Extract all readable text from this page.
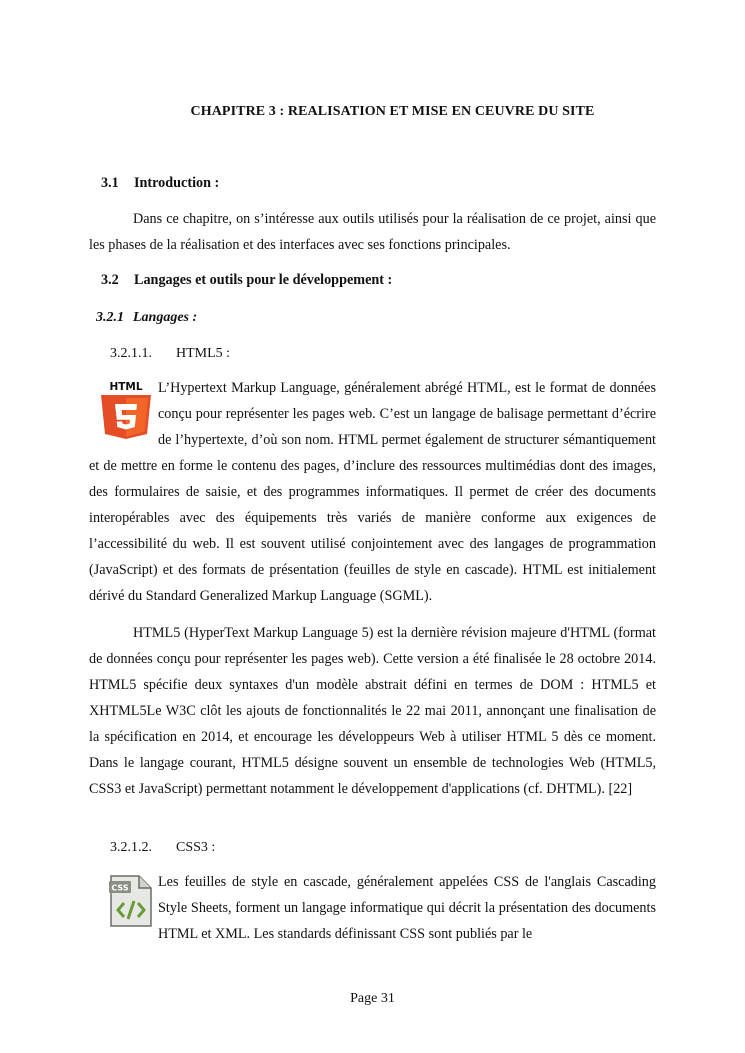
CHAPITRE 3 : REALISATION ET MISE EN CEUVRE DU SITE
3.1 Introduction :

Dans ce chapitre, on s’intéresse aux outils utilisés pour la réalisation de ce projet, ainsi que les phases de la réalisation et des interfaces avec ses fonctions principales.

3.2 Langages et outils pour le développement :
3.2.1 Langages :
3.2.1.1. HTML5 :
HTML L’Hypertext Markup Language, généralement abrégé HTML, est le format de données conçu pour représenter les pages web. C’est un langage de balisage permettant d’écrire de l’hypertexte, d’où son nom. HTML permet également de structurer sémantiquement et de mettre en forme le contenu des pages, d’inclure des ressources multimédias dont des images, des formulaires de saisie, et des programmes informatiques. Il permet de créer des documents interopérables avec des équipements très variés de manière conforme aux exigences de l’accessibilité du web. Il est souvent utilisé conjointement avec des langages de programmation (JavaScript) et des formats de présentation (feuilles de style en cascade). HTML est initialement dérivé du Standard Generalized Markup Language (SGML).

HTML5 (HyperText Markup Language 5) est la dernière révision majeure d'HTML (format de données conçu pour représenter les pages web). Cette version a été finalisée le 28 octobre 2014. HTML5 spécifie deux syntaxes d'un modèle abstrait défini en termes de DOM : HTML5 et XHTML5Le W3C clôt les ajouts de fonctionnalités le 22 mai 2011, annonçant une finalisation de la spécification en 2014, et encourage les développeurs Web à utiliser HTML 5 dès ce moment. Dans le langage courant, HTML5 désigne souvent un ensemble de technologies Web (HTML5, CSS3 et JavaScript) permettant notamment le développement d'applications (cf. DHTML). [22]

3.2.1.2. CSS3 :
CSS Les feuilles de style en cascade, généralement appelées CSS de l'anglais Cascading Style Sheets, forment un langage informatique qui décrit la présentation des documents HTML et XML. Les standards définissant CSS sont publiés par le
Page 31
